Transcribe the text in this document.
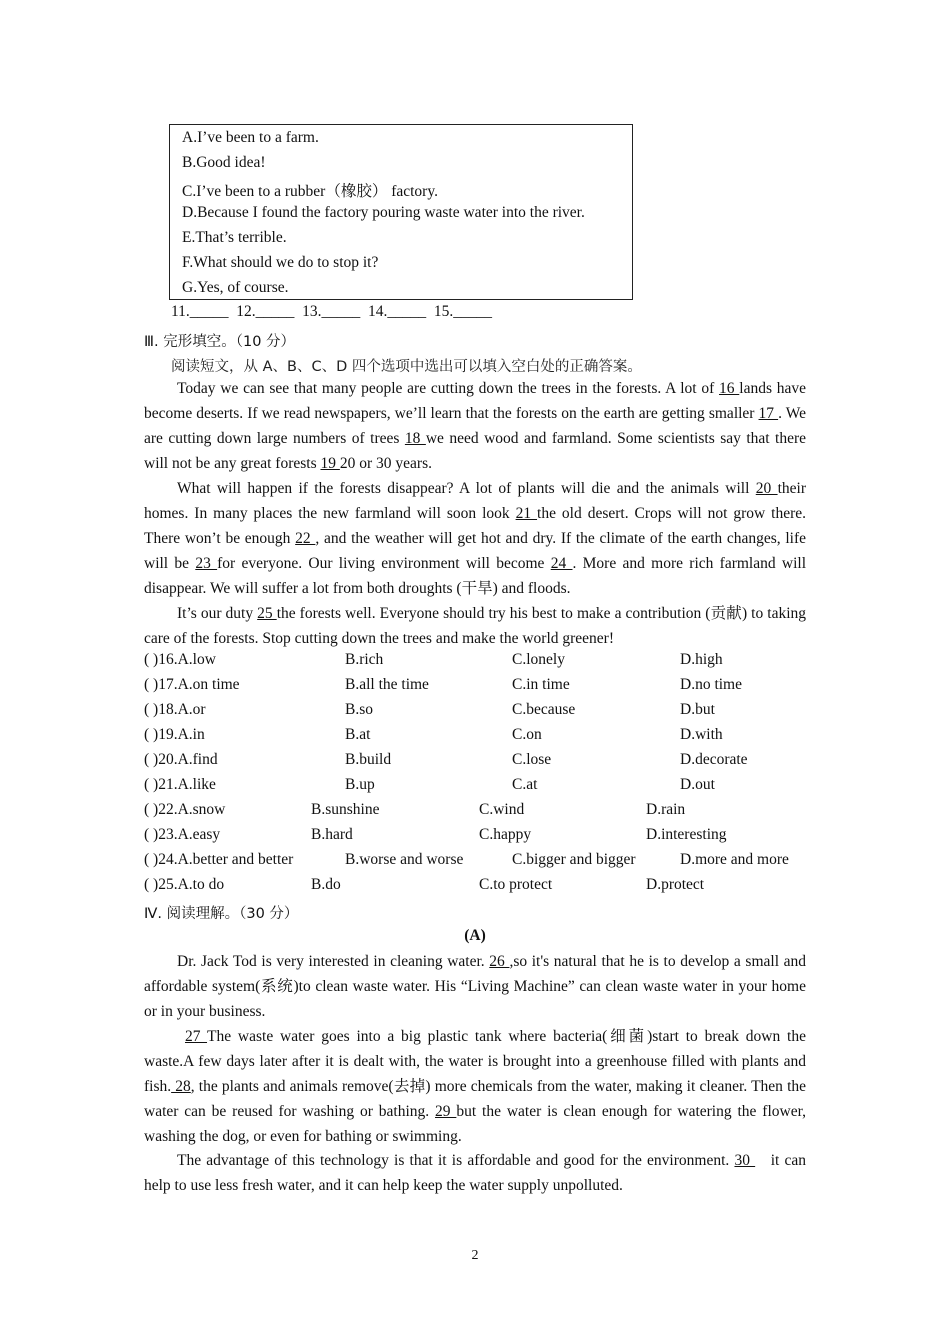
A.I’ve been to a farm.
B.Good idea!
C.I’ve been to a rubber（橡胶） factory.
D.Because I found the factory pouring waste water into the river.
E.That’s terrible.
F.What should we do to stop it?
G.Yes, of course.
11._____  12._____  13._____  14._____  15._____
Ⅲ. 完形填空。（10 分）
阅读短文，从 A、B、C、D 四个选项中选出可以填入空白处的正确答案。
Today we can see that many people are cutting down the trees in the forests. A lot of 16 lands have become deserts. If we read newspapers, we’ll learn that the forests on the earth are getting smaller 17 . We are cutting down large numbers of trees 18 we need wood and farmland. Some scientists say that there will not be any great forests 19 20 or 30 years.
What will happen if the forests disappear? A lot of plants will die and the animals will 20 their homes. In many places the new farmland will soon look 21 the old desert. Crops will not grow there. There won’t be enough 22 , and the weather will get hot and dry. If the climate of the earth changes, life will be 23 for everyone. Our living environment will become 24 . More and more rich farmland will disappear. We will suffer a lot from both droughts (干旱) and floods.
It’s our duty 25 the forests well. Everyone should try his best to make a contribution (贡献) to taking care of the forests. Stop cutting down the trees and make the world greener!
( )16.A.low	B.rich	C.lonely	D.high
( )17.A.on time	B.all the time	C.in time	D.no time
( )18.A.or	B.so	C.because	D.but
( )19.A.in	B.at	C.on	D.with
( )20.A.find	B.build	C.lose	D.decorate
( )21.A.like	B.up	C.at	D.out
( )22.A.snow	B.sunshine	C.wind	D.rain
( )23.A.easy	B.hard	C.happy	D.interesting
( )24.A.better and better	B.worse and worse	C.bigger and bigger	D.more and more
( )25.A.to do	B.do	C.to protect	D.protect
Ⅳ. 阅读理解。（30 分）
(A)
Dr. Jack Tod is very interested in cleaning water. 26 ,so it's natural that he is to develop a small and affordable system(系统)to clean waste water. His “Living Machine” can clean waste water in your home or in your business.
27 The waste water goes into a big plastic tank where bacteria(细菌)start to break down the waste.A few days later after it is dealt with, the water is brought into a greenhouse filled with plants and fish. 28, the plants and animals remove(去掉) more chemicals from the water, making it cleaner. Then the water can be reused for washing or bathing. 29 but the water is clean enough for watering the flower, washing the dog, or even for bathing or swimming.
The advantage of this technology is that it is affordable and good for the environment. 30    it can help to use less fresh water, and it can help keep the water supply unpolluted.
2
